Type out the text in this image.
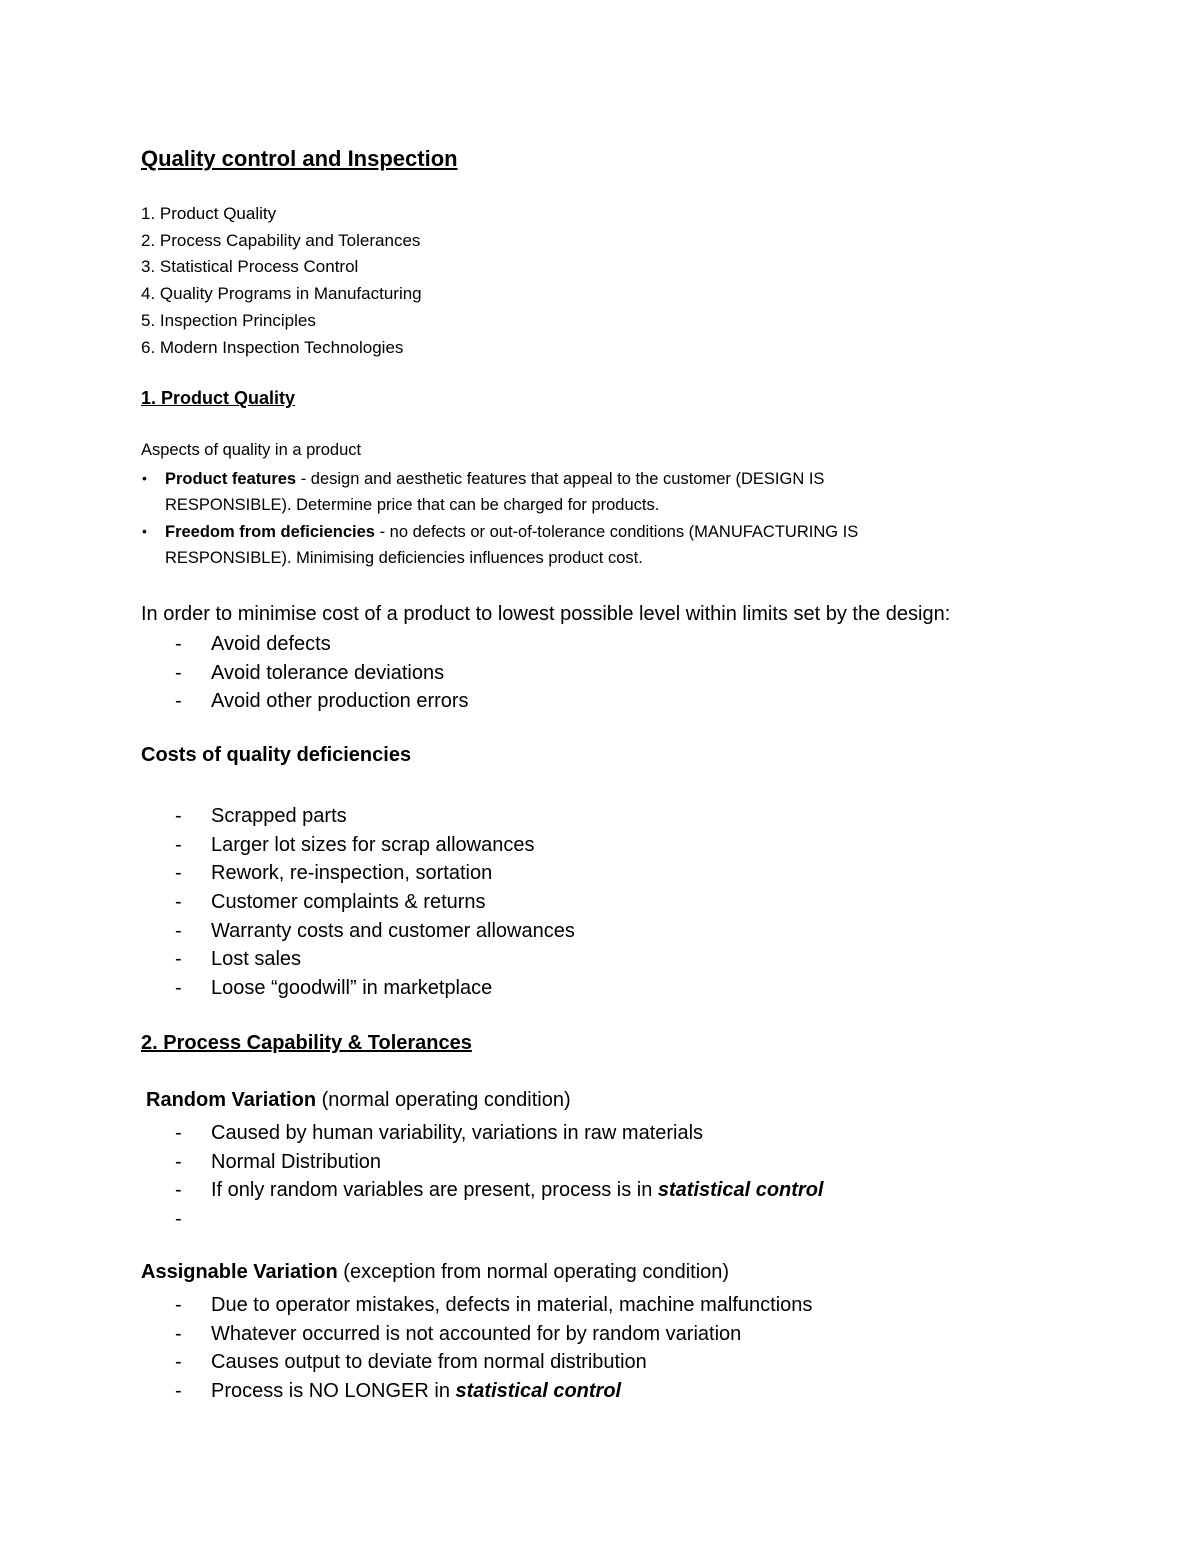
Quality control and Inspection
1. Product Quality
2. Process Capability and Tolerances
3. Statistical Process Control
4. Quality Programs in Manufacturing
5. Inspection Principles
6. Modern Inspection Technologies
1. Product Quality
Aspects of quality in a product
• Product features - design and aesthetic features that appeal to the customer (DESIGN IS
RESPONSIBLE). Determine price that can be charged for products.
• Freedom from deficiencies - no defects or out-of-tolerance conditions (MANUFACTURING IS
RESPONSIBLE). Minimising deficiencies influences product cost.
In order to minimise cost of a product to lowest possible level within limits set by the design:
- Avoid defects
- Avoid tolerance deviations
- Avoid other production errors
Costs of quality deficiencies
- Scrapped parts
- Larger lot sizes for scrap allowances
- Rework, re-inspection, sortation
- Customer complaints & returns
- Warranty costs and customer allowances
- Lost sales
- Loose “goodwill” in marketplace
2. Process Capability & Tolerances
Random Variation (normal operating condition)
- Caused by human variability, variations in raw materials
- Normal Distribution
- If only random variables are present, process is in statistical control
-
Assignable Variation (exception from normal operating condition)
- Due to operator mistakes, defects in material, machine malfunctions
- Whatever occurred is not accounted for by random variation
- Causes output to deviate from normal distribution
- Process is NO LONGER in statistical control
